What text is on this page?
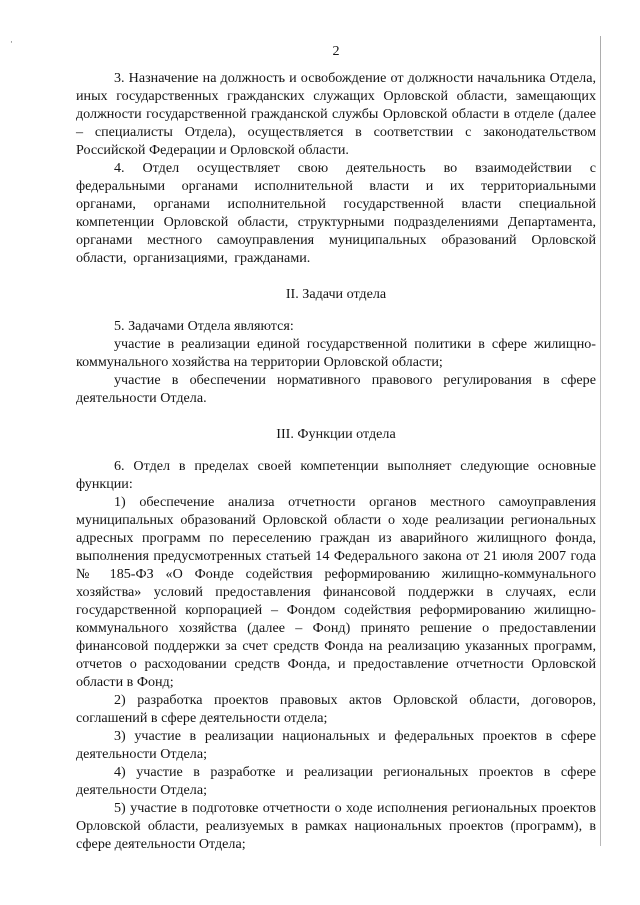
·	2

3. Назначение на должность и освобождение от должности начальника Отдела, иных государственных гражданских служащих Орловской области, замещающих должности государственной гражданской службы Орловской области в отделе (далее – специалисты Отдела), осуществляется в соответствии с законодательством Российской Федерации и Орловской области.

4. Отдел осуществляет свою деятельность во взаимодействии с федеральными органами исполнительной власти и их территориальными органами, органами исполнительной государственной власти специальной компетенции Орловской области, структурными подразделениями Департамента, органами местного самоуправления муниципальных образований Орловской области, организациями, гражданами.

II. Задачи отдела

5. Задачами Отдела являются:

участие в реализации единой государственной политики в сфере жилищно-коммунального хозяйства на территории Орловской области;

участие в обеспечении нормативного правового регулирования в сфере деятельности Отдела.

III. Функции отдела

6. Отдел в пределах своей компетенции выполняет следующие основные функции:

1) обеспечение анализа отчетности органов местного самоуправления муниципальных образований Орловской области о ходе реализации региональных адресных программ по переселению граждан из аварийного жилищного фонда, выполнения предусмотренных статьей 14 Федерального закона от 21 июля 2007 года № 185-ФЗ «О Фонде содействия реформированию жилищно-коммунального хозяйства» условий предоставления финансовой поддержки в случаях, если государственной корпорацией – Фондом содействия реформированию жилищно-коммунального хозяйства (далее – Фонд) принято решение о предоставлении финансовой поддержки за счет средств Фонда на реализацию указанных программ, отчетов о расходовании средств Фонда, и предоставление отчетности Орловской области в Фонд;

2) разработка проектов правовых актов Орловской области, договоров, соглашений в сфере деятельности отдела;

3) участие в реализации национальных и федеральных проектов в сфере деятельности Отдела;

4) участие в разработке и реализации региональных проектов в сфере деятельности Отдела;

5) участие в подготовке отчетности о ходе исполнения региональных проектов Орловской области, реализуемых в рамках национальных проектов (программ), в сфере деятельности Отдела;
